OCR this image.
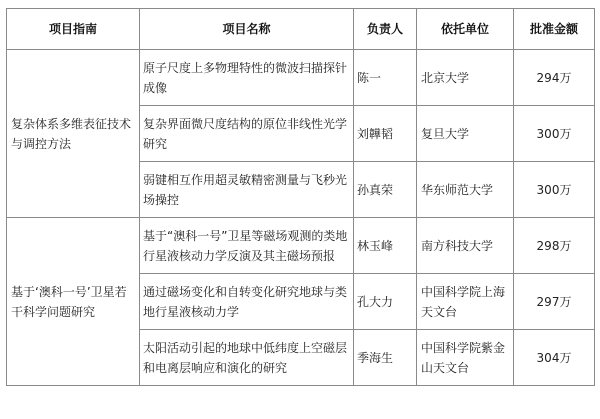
项目指南	项目名称	负责人	依托单位	批准金额
复杂体系多维表征技术与调控方法	原子尺度上多物理特性的微波扫描探针成像	陈一	北京大学	294万
	复杂界面微尺度结构的原位非线性光学研究	刘韡韬	复旦大学	300万
	弱键相互作用超灵敏精密测量与飞秒光场操控	孙真荣	华东师范大学	300万
基于‘澳科一号’卫星若干科学问题研究	基于“澳科一号”卫星等磁场观测的类地行星液核动力学反演及其主磁场预报	林玉峰	南方科技大学	298万
	通过磁场变化和自转变化研究地球与类地行星液核动力学	孔大力	中国科学院上海天文台	297万
	太阳活动引起的地球中低纬度上空磁层和电离层响应和演化的研究	季海生	中国科学院紫金山天文台	304万
